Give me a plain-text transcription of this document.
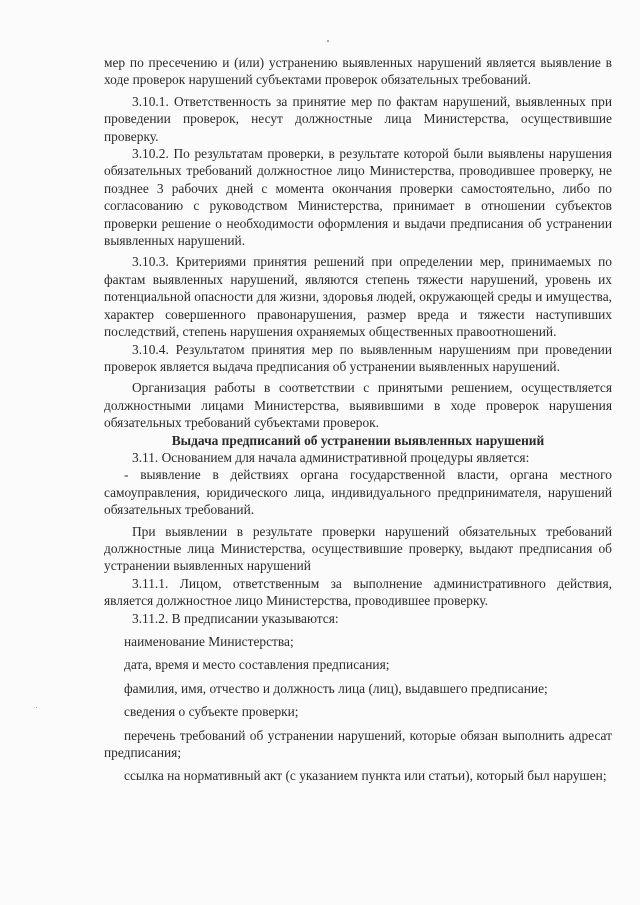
мер по пресечению и (или) устранению выявленных нарушений является выявление в ходе проверок нарушений субъектами проверок обязательных требований.

3.10.1. Ответственность за принятие мер по фактам нарушений, выявленных при проведении проверок, несут должностные лица Министерства, осуществившие проверку.

3.10.2. По результатам проверки, в результате которой были выявлены нарушения обязательных требований должностное лицо Министерства, проводившее проверку, не позднее 3 рабочих дней с момента окончания проверки самостоятельно, либо по согласованию с руководством Министерства, принимает в отношении субъектов проверки решение о необходимости оформления и выдачи предписания об устранении выявленных нарушений.

3.10.3. Критериями принятия решений при определении мер, принимаемых по фактам выявленных нарушений, являются степень тяжести нарушений, уровень их потенциальной опасности для жизни, здоровья людей, окружающей среды и имущества, характер совершенного правонарушения, размер вреда и тяжести наступивших последствий, степень нарушения охраняемых общественных правоотношений.

3.10.4. Результатом принятия мер по выявленным нарушениям при проведении проверок является выдача предписания об устранении выявленных нарушений.

Организация работы в соответствии с принятыми решением, осуществляется должностными лицами Министерства, выявившими в ходе проверок нарушения обязательных требований субъектами проверок.

Выдача предписаний об устранении выявленных нарушений

3.11. Основанием для начала административной процедуры является:

- выявление в действиях органа государственной власти, органа местного самоуправления, юридического лица, индивидуального предпринимателя, нарушений обязательных требований.

При выявлении в результате проверки нарушений обязательных требований должностные лица Министерства, осуществившие проверку, выдают предписания об устранении выявленных нарушений

3.11.1. Лицом, ответственным за выполнение административного действия, является должностное лицо Министерства, проводившее проверку.

3.11.2. В предписании указываются:

наименование Министерства;

дата, время и место составления предписания;

фамилия, имя, отчество и должность лица (лиц), выдавшего предписание;

сведения о субъекте проверки;

перечень требований об устранении нарушений, которые обязан выполнить адресат предписания;

ссылка на нормативный акт (с указанием пункта или статьи), который был нарушен;
